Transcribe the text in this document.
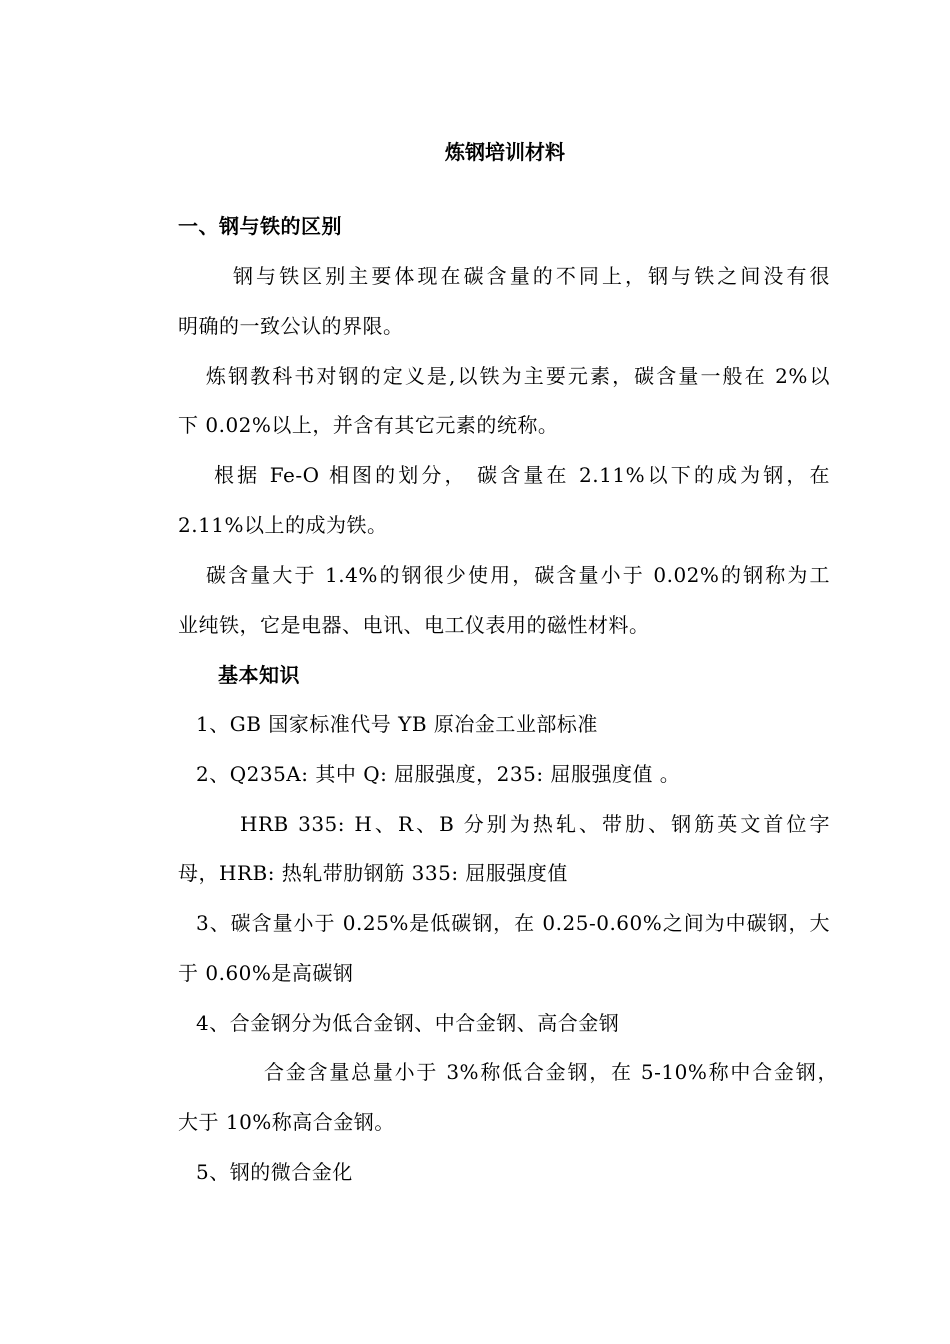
炼钢培训材料
一、钢与铁的区别
钢与铁区别主要体现在碳含量的不同上，钢与铁之间没有很
明确的一致公认的界限。
炼钢教科书对钢的定义是,以铁为主要元素，碳含量一般在 2%以
下 0.02%以上，并含有其它元素的统称。
根据 Fe-O 相图的划分， 碳含量在 2.11%以下的成为钢，在
2.11%以上的成为铁。
碳含量大于 1.4%的钢很少使用，碳含量小于 0.02%的钢称为工
业纯铁，它是电器、电讯、电工仪表用的磁性材料。
基本知识
1、GB 国家标准代号 YB 原冶金工业部标准
2、Q235A: 其中 Q: 屈服强度，235: 屈服强度值 。
HRB 335: H、R、B 分别为热轧、带肋、钢筋英文首位字
母，HRB: 热轧带肋钢筋 335: 屈服强度值
3、碳含量小于 0.25%是低碳钢，在 0.25-0.60%之间为中碳钢，大
于 0.60%是高碳钢
4、合金钢分为低合金钢、中合金钢、高合金钢
合金含量总量小于 3%称低合金钢，在 5-10%称中合金钢，
大于 10%称高合金钢。
5、钢的微合金化
